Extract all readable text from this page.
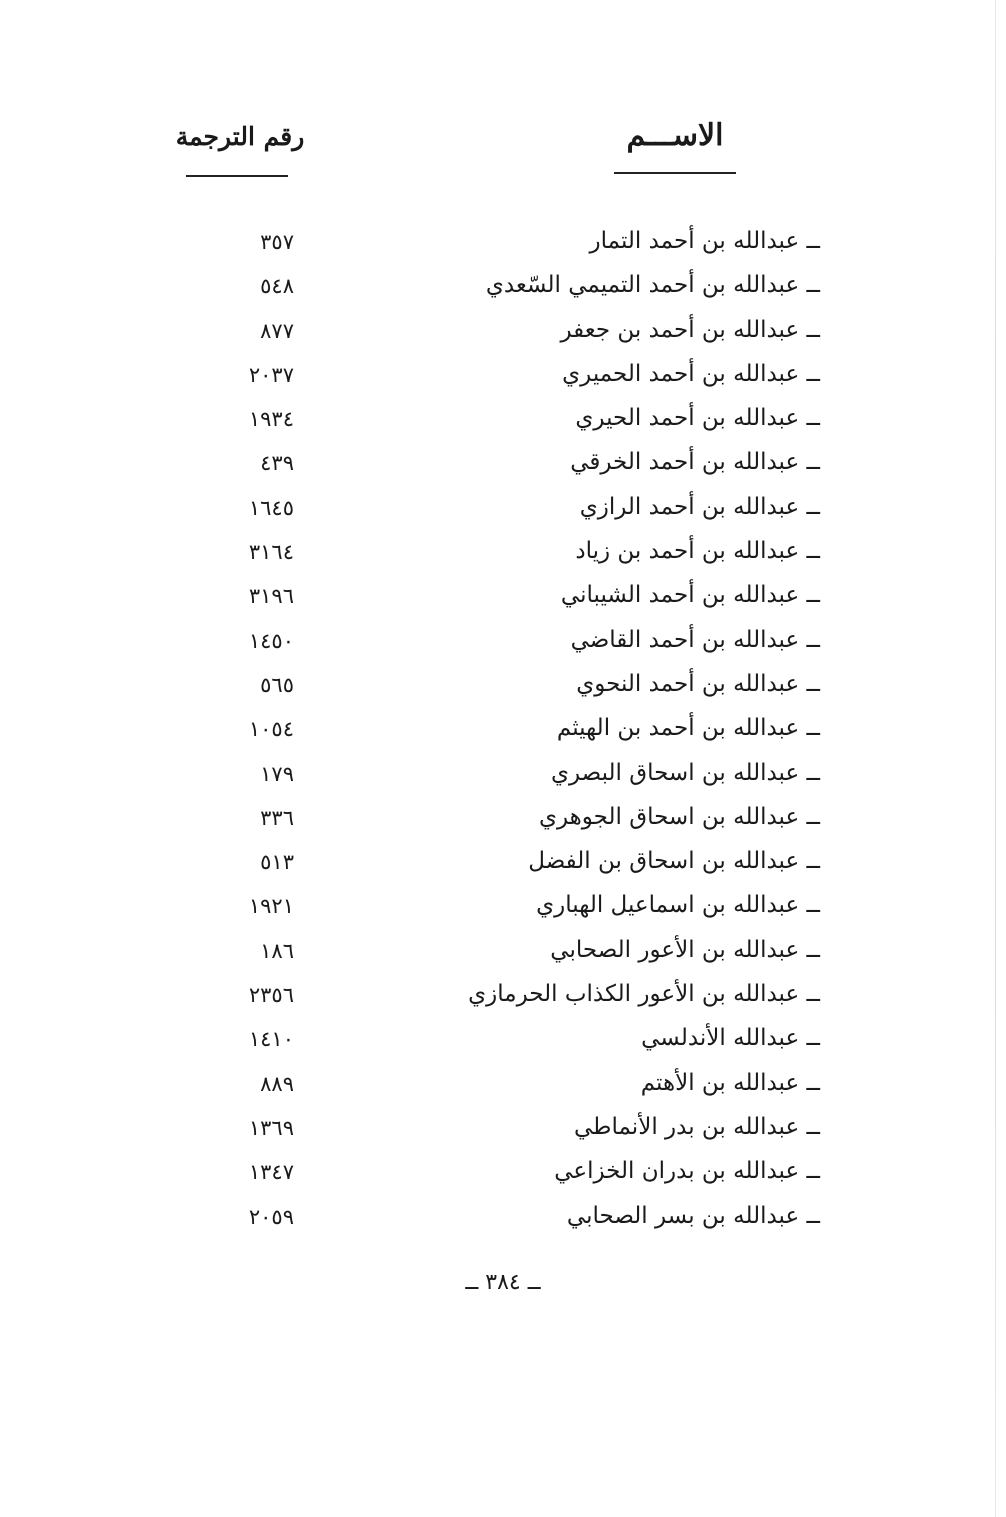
الاســـم
رقم الترجمة
ــ عبدالله بن أحمد التمار
٣٥٧
ــ عبدالله بن أحمد التميمي السّعدي
٥٤٨
ــ عبدالله بن أحمد بن جعفر
٨٧٧
ــ عبدالله بن أحمد الحميري
٢٠٣٧
ــ عبدالله بن أحمد الحيري
١٩٣٤
ــ عبدالله بن أحمد الخرقي
٤٣٩
ــ عبدالله بن أحمد الرازي
١٦٤٥
ــ عبدالله بن أحمد بن زياد
٣١٦٤
ــ عبدالله بن أحمد الشيباني
٣١٩٦
ــ عبدالله بن أحمد القاضي
١٤٥٠
ــ عبدالله بن أحمد النحوي
٥٦٥
ــ عبدالله بن أحمد بن الهيثم
١٠٥٤
ــ عبدالله بن اسحاق البصري
١٧٩
ــ عبدالله بن اسحاق الجوهري
٣٣٦
ــ عبدالله بن اسحاق بن الفضل
٥١٣
ــ عبدالله بن اسماعيل الهباري
١٩٢١
ــ عبدالله بن الأعور الصحابي
١٨٦
ــ عبدالله بن الأعور الكذاب الحرمازي
٢٣٥٦
ــ عبدالله الأندلسي
١٤١٠
ــ عبدالله بن الأهتم
٨٨٩
ــ عبدالله بن بدر الأنماطي
١٣٦٩
ــ عبدالله بن بدران الخزاعي
١٣٤٧
ــ عبدالله بن بسر الصحابي
٢٠٥٩
ــ ٣٨٤ ــ
